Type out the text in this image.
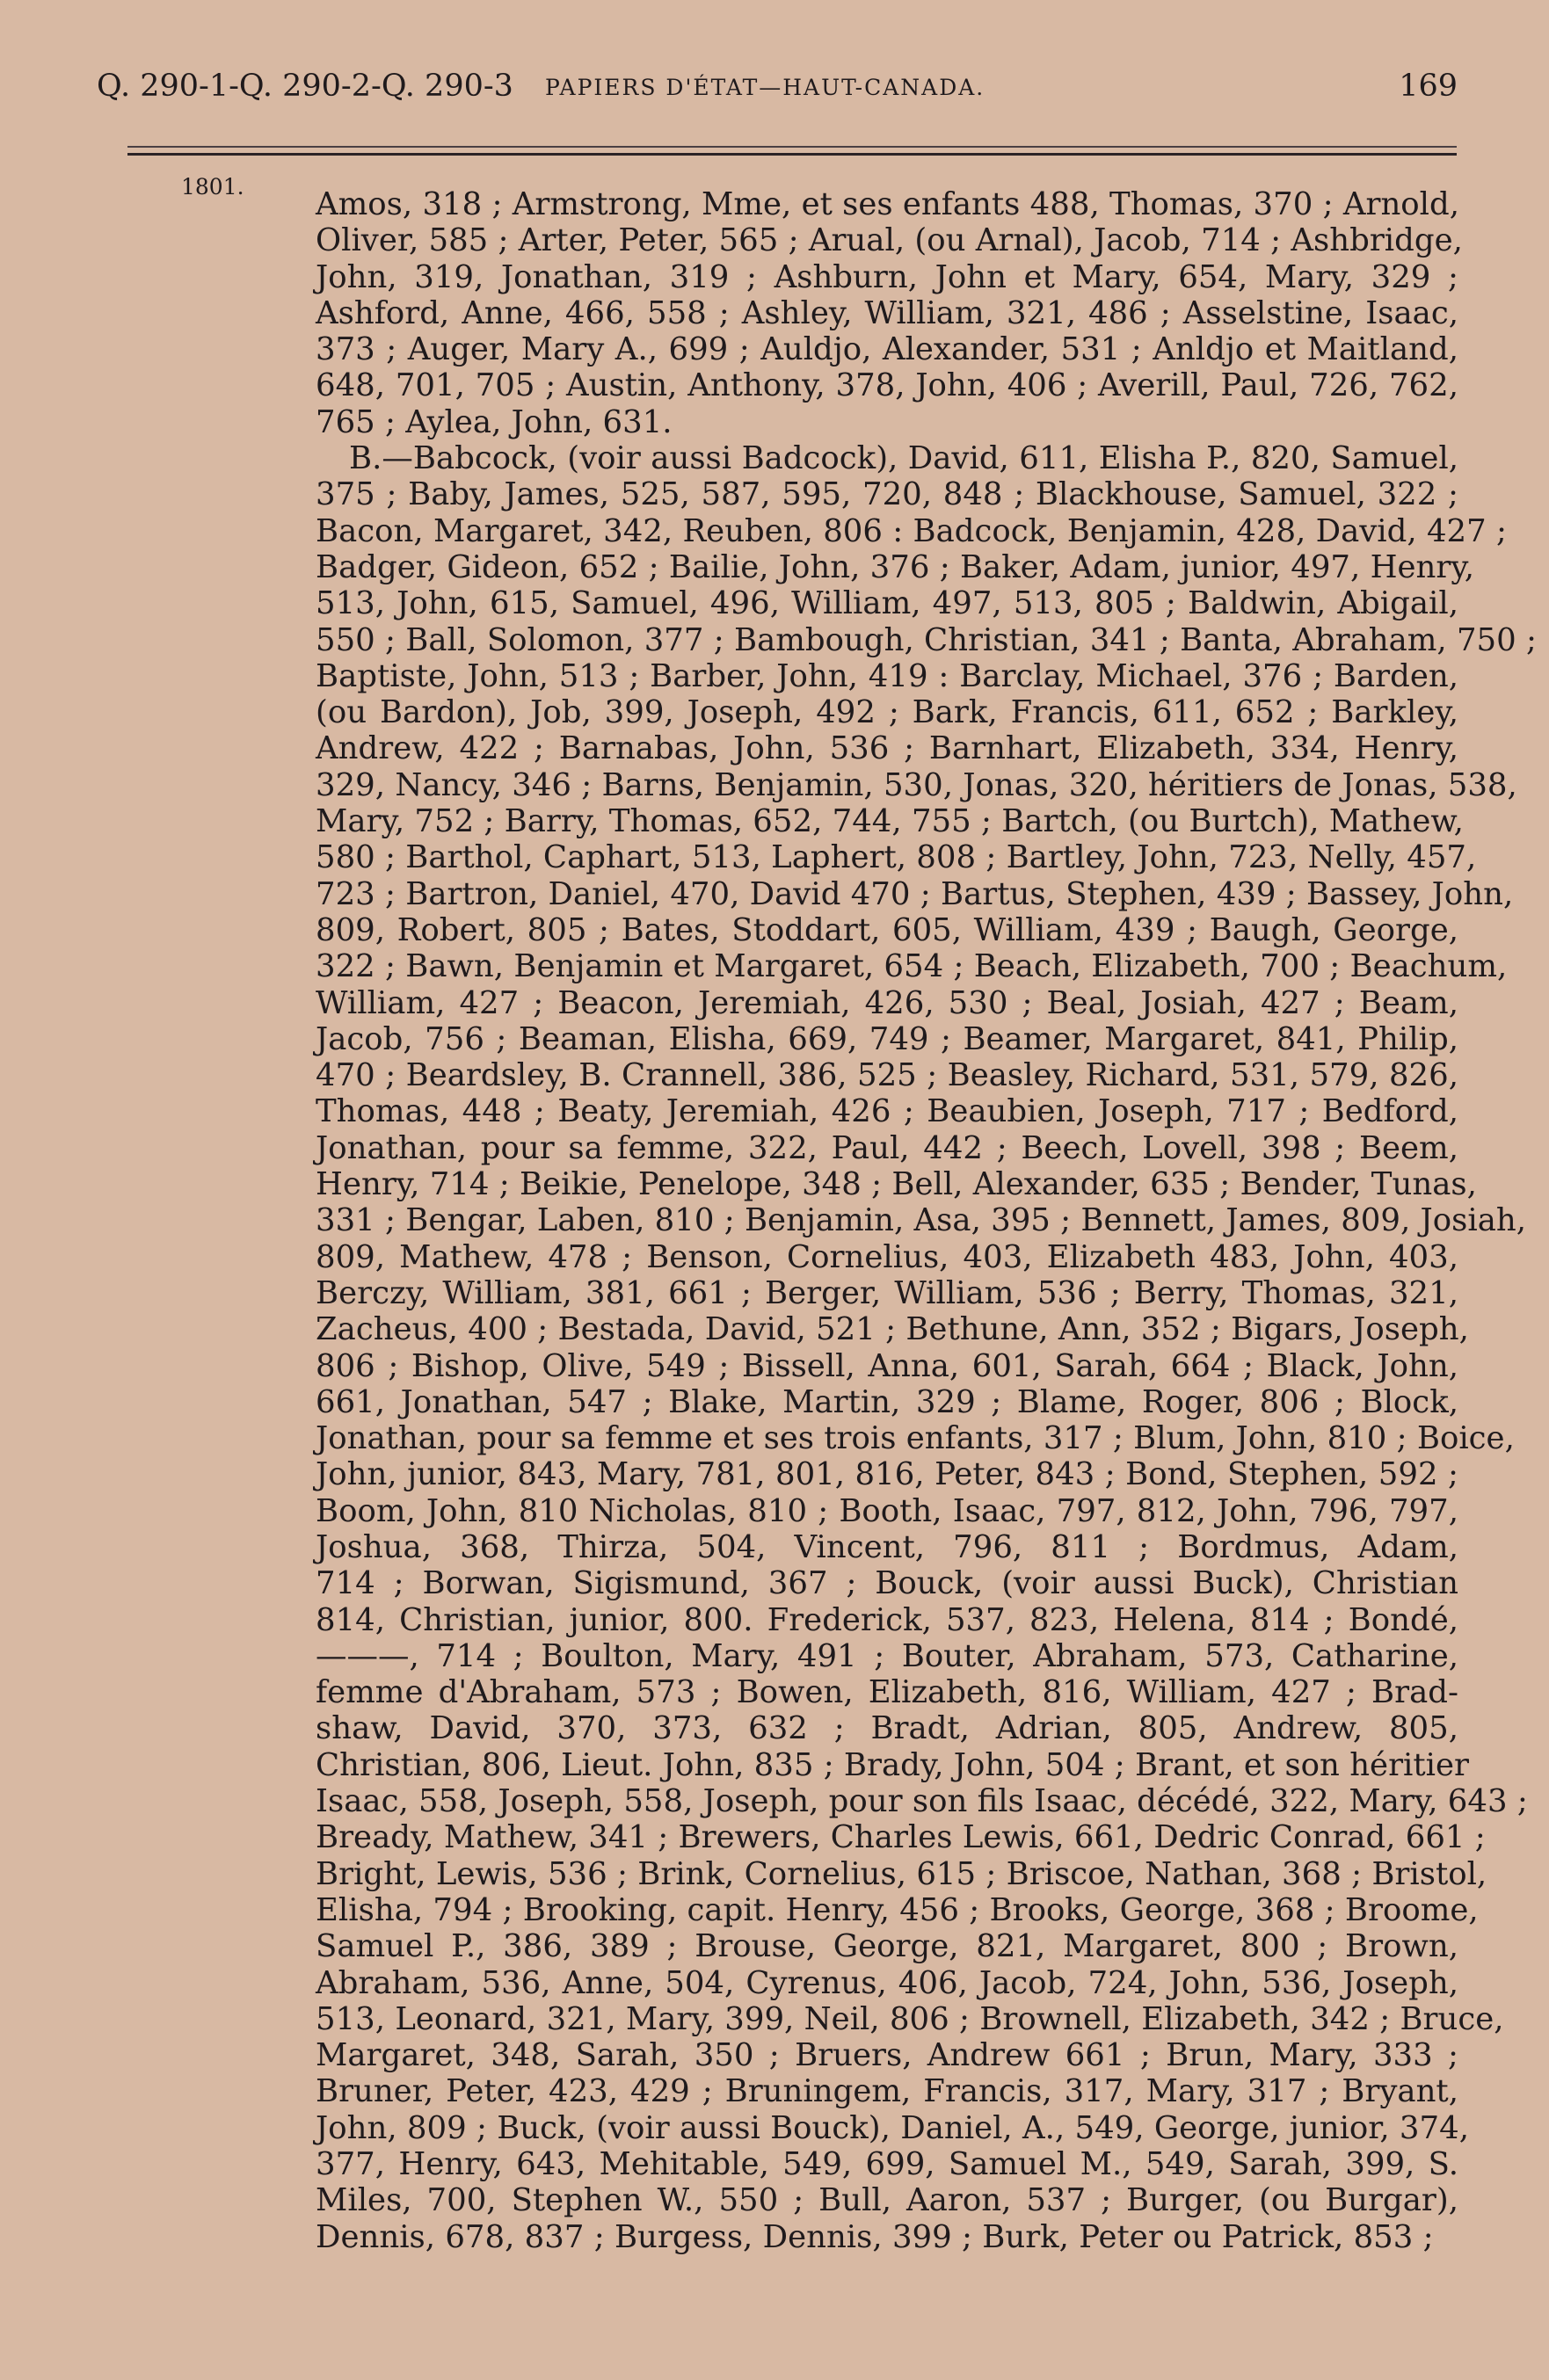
Q. 290-1-Q. 290-2-Q. 290-3 PAPIERS D'ÉTAT—HAUT-CANADA.	169
1801. Amos, 318 ; Armstrong, Mme, et ses enfants 488, Thomas, 370 ; Arnold,
Oliver, 585 ; Arter, Peter, 565 ; Arual, (ou Arnal), Jacob, 714 ; Ashbridge,
John, 319, Jonathan, 319 ; Ashburn, John et Mary, 654, Mary, 329 ;
Ashford, Anne, 466, 558 ; Ashley, William, 321, 486 ; Asselstine, Isaac,
373 ; Auger, Mary A., 699 ; Auldjo, Alexander, 531 ; Anldjo et Maitland,
648, 701, 705 ; Austin, Anthony, 378, John, 406 ; Averill, Paul, 726, 762,
765 ; Aylea, John, 631.
B.—Babcock, (voir aussi Badcock), David, 611, Elisha P., 820, Samuel,
375 ; Baby, James, 525, 587, 595, 720, 848 ; Blackhouse, Samuel, 322 ;
Bacon, Margaret, 342, Reuben, 806 : Badcock, Benjamin, 428, David, 427 ;
Badger, Gideon, 652 ; Bailie, John, 376 ; Baker, Adam, junior, 497, Henry,
513, John, 615, Samuel, 496, William, 497, 513, 805 ; Baldwin, Abigail,
550 ; Ball, Solomon, 377 ; Bambough, Christian, 341 ; Banta, Abraham, 750 ;
Baptiste, John, 513 ; Barber, John, 419 : Barclay, Michael, 376 ; Barden,
(ou Bardon), Job, 399, Joseph, 492 ; Bark, Francis, 611, 652 ; Barkley,
Andrew, 422 ; Barnabas, John, 536 ; Barnhart, Elizabeth, 334, Henry,
329, Nancy, 346 ; Barns, Benjamin, 530, Jonas, 320, héritiers de Jonas, 538,
Mary, 752 ; Barry, Thomas, 652, 744, 755 ; Bartch, (ou Burtch), Mathew,
580 ; Barthol, Caphart, 513, Laphert, 808 ; Bartley, John, 723, Nelly, 457,
723 ; Bartron, Daniel, 470, David 470 ; Bartus, Stephen, 439 ; Bassey, John,
809, Robert, 805 ; Bates, Stoddart, 605, William, 439 ; Baugh, George,
322 ; Bawn, Benjamin et Margaret, 654 ; Beach, Elizabeth, 700 ; Beachum,
William, 427 ; Beacon, Jeremiah, 426, 530 ; Beal, Josiah, 427 ; Beam,
Jacob, 756 ; Beaman, Elisha, 669, 749 ; Beamer, Margaret, 841, Philip,
470 ; Beardsley, B. Crannell, 386, 525 ; Beasley, Richard, 531, 579, 826,
Thomas, 448 ; Beaty, Jeremiah, 426 ; Beaubien, Joseph, 717 ; Bedford,
Jonathan, pour sa femme, 322, Paul, 442 ; Beech, Lovell, 398 ; Beem,
Henry, 714 ; Beikie, Penelope, 348 ; Bell, Alexander, 635 ; Bender, Tunas,
331 ; Bengar, Laben, 810 ; Benjamin, Asa, 395 ; Bennett, James, 809, Josiah,
809, Mathew, 478 ; Benson, Cornelius, 403, Elizabeth 483, John, 403,
Berczy, William, 381, 661 ; Berger, William, 536 ; Berry, Thomas, 321,
Zacheus, 400 ; Bestada, David, 521 ; Bethune, Ann, 352 ; Bigars, Joseph,
806 ; Bishop, Olive, 549 ; Bissell, Anna, 601, Sarah, 664 ; Black, John,
661, Jonathan, 547 ; Blake, Martin, 329 ; Blame, Roger, 806 ; Block,
Jonathan, pour sa femme et ses trois enfants, 317 ; Blum, John, 810 ; Boice,
John, junior, 843, Mary, 781, 801, 816, Peter, 843 ; Bond, Stephen, 592 ;
Boom, John, 810 Nicholas, 810 ; Booth, Isaac, 797, 812, John, 796, 797,
Joshua, 368, Thirza, 504, Vincent, 796, 811 ; Bordmus, Adam,
714 ; Borwan, Sigismund, 367 ; Bouck, (voir aussi Buck), Christian
814, Christian, junior, 800. Frederick, 537, 823, Helena, 814 ; Bondé,
———, 714 ; Boulton, Mary, 491 ; Bouter, Abraham, 573, Catharine,
femme d'Abraham, 573 ; Bowen, Elizabeth, 816, William, 427 ; Brad-
shaw, David, 370, 373, 632 ; Bradt, Adrian, 805, Andrew, 805,
Christian, 806, Lieut. John, 835 ; Brady, John, 504 ; Brant, et son héritier
Isaac, 558, Joseph, 558, Joseph, pour son fils Isaac, décédé, 322, Mary, 643 ;
Bready, Mathew, 341 ; Brewers, Charles Lewis, 661, Dedric Conrad, 661 ;
Bright, Lewis, 536 ; Brink, Cornelius, 615 ; Briscoe, Nathan, 368 ; Bristol,
Elisha, 794 ; Brooking, capit. Henry, 456 ; Brooks, George, 368 ; Broome,
Samuel P., 386, 389 ; Brouse, George, 821, Margaret, 800 ; Brown,
Abraham, 536, Anne, 504, Cyrenus, 406, Jacob, 724, John, 536, Joseph,
513, Leonard, 321, Mary, 399, Neil, 806 ; Brownell, Elizabeth, 342 ; Bruce,
Margaret, 348, Sarah, 350 ; Bruers, Andrew 661 ; Brun, Mary, 333 ;
Bruner, Peter, 423, 429 ; Bruningem, Francis, 317, Mary, 317 ; Bryant,
John, 809 ; Buck, (voir aussi Bouck), Daniel, A., 549, George, junior, 374,
377, Henry, 643, Mehitable, 549, 699, Samuel M., 549, Sarah, 399, S.
Miles, 700, Stephen W., 550 ; Bull, Aaron, 537 ; Burger, (ou Burgar),
Dennis, 678, 837 ; Burgess, Dennis, 399 ; Burk, Peter ou Patrick, 853 ;
